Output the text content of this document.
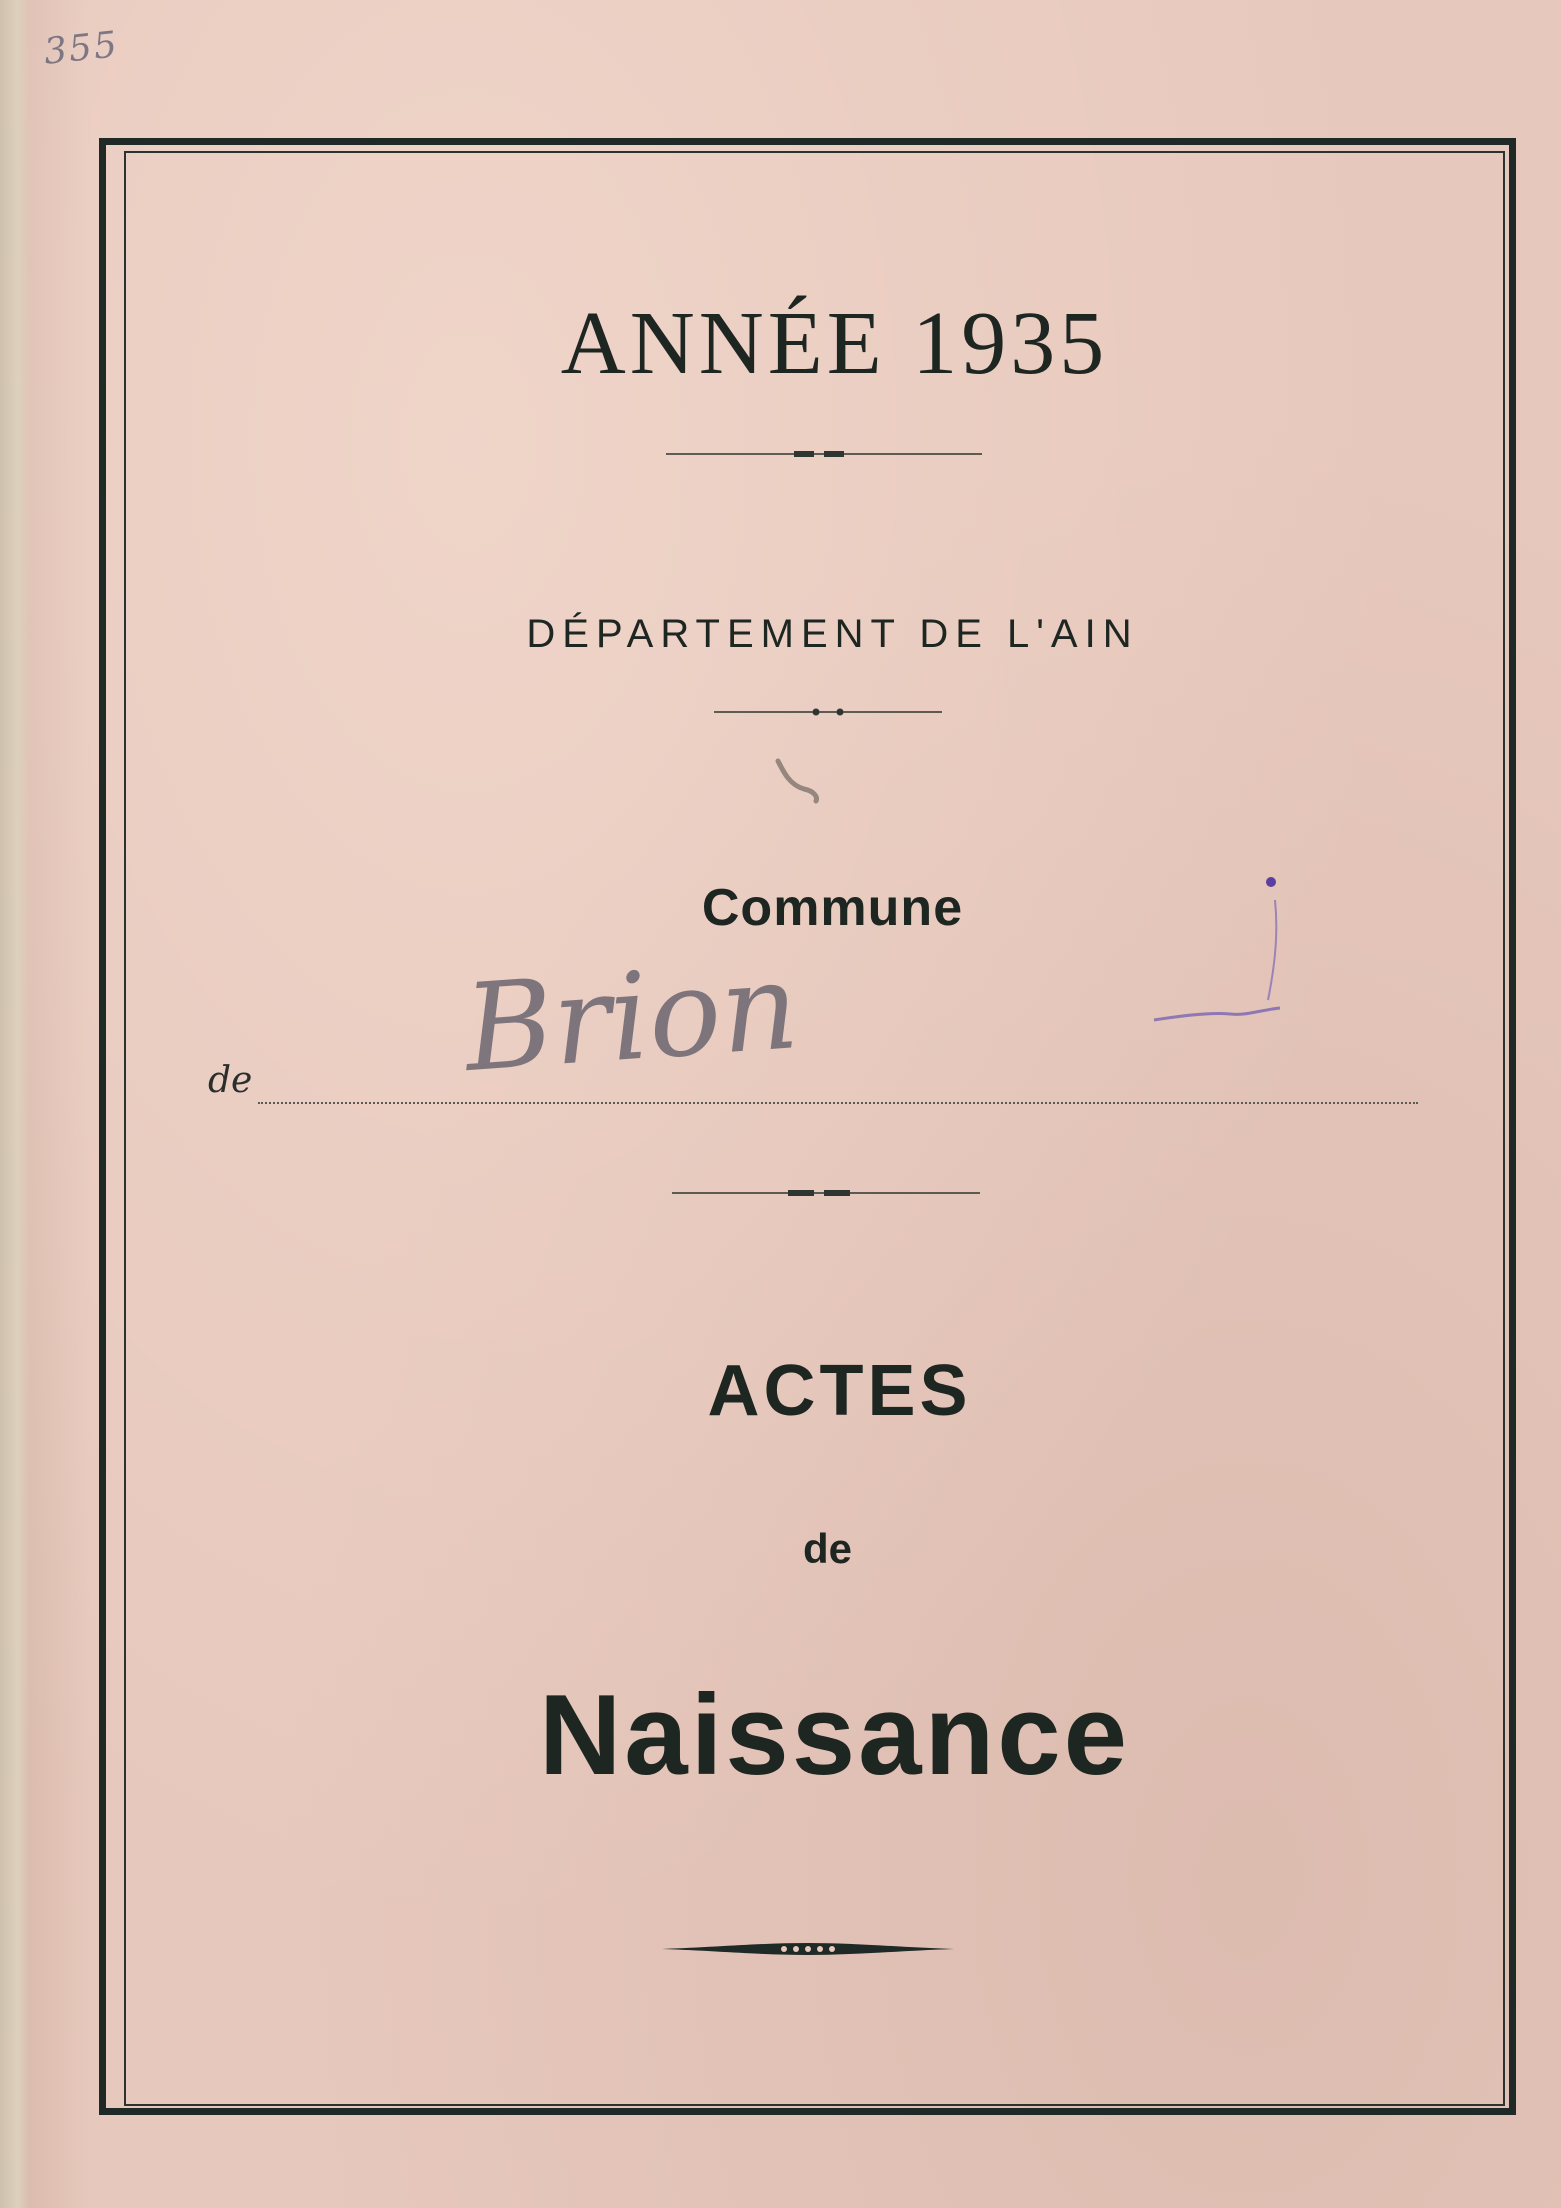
355
ANNÉE 1935
DÉPARTEMENT DE L'AIN
Commune
de Brion
ACTES
de
Naissance
